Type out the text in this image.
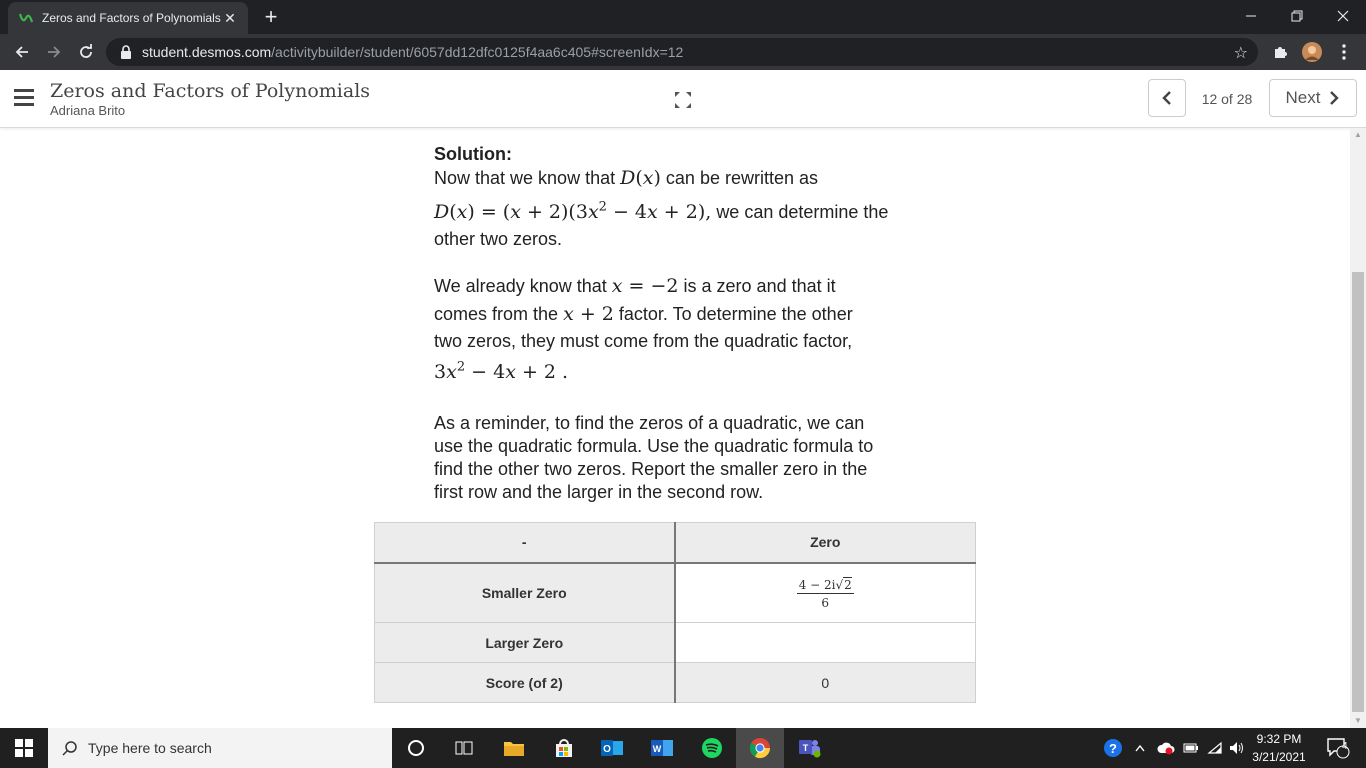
Zeros and Factors of Polynomials ✕ +
student.desmos.com /activitybuilder/student/6057dd12dfc0125f4aa6c405#screenIdx=12	☆
Zeros and Factors of Polynomials
Adriana Brito
12 of 28	Next
Solution:
Now that we know that D(x) can be rewritten as
$D(x) = (x + 2)(3x^2 - 4x + 2)$, we can determine the
other two zeros.
We already know that x = −2 is a zero and that it
comes from the x + 2 factor. To determine the other
two zeros, they must come from the quadratic factor,
$3x^2 - 4x + 2$ .
As a reminder, to find the zeros of a quadratic, we can
use the quadratic formula. Use the quadratic formula to
find the other two zeros. Report the smaller zero in the
first row and the larger in the second row.
-	Zero
Smaller Zero	$\frac{4 - 2i√2}{6}$

Larger Zero	
Score (of 2)	0
▲
▼
Type here to search	O	W	T	?
9:32 PM
3/21/2021
4
